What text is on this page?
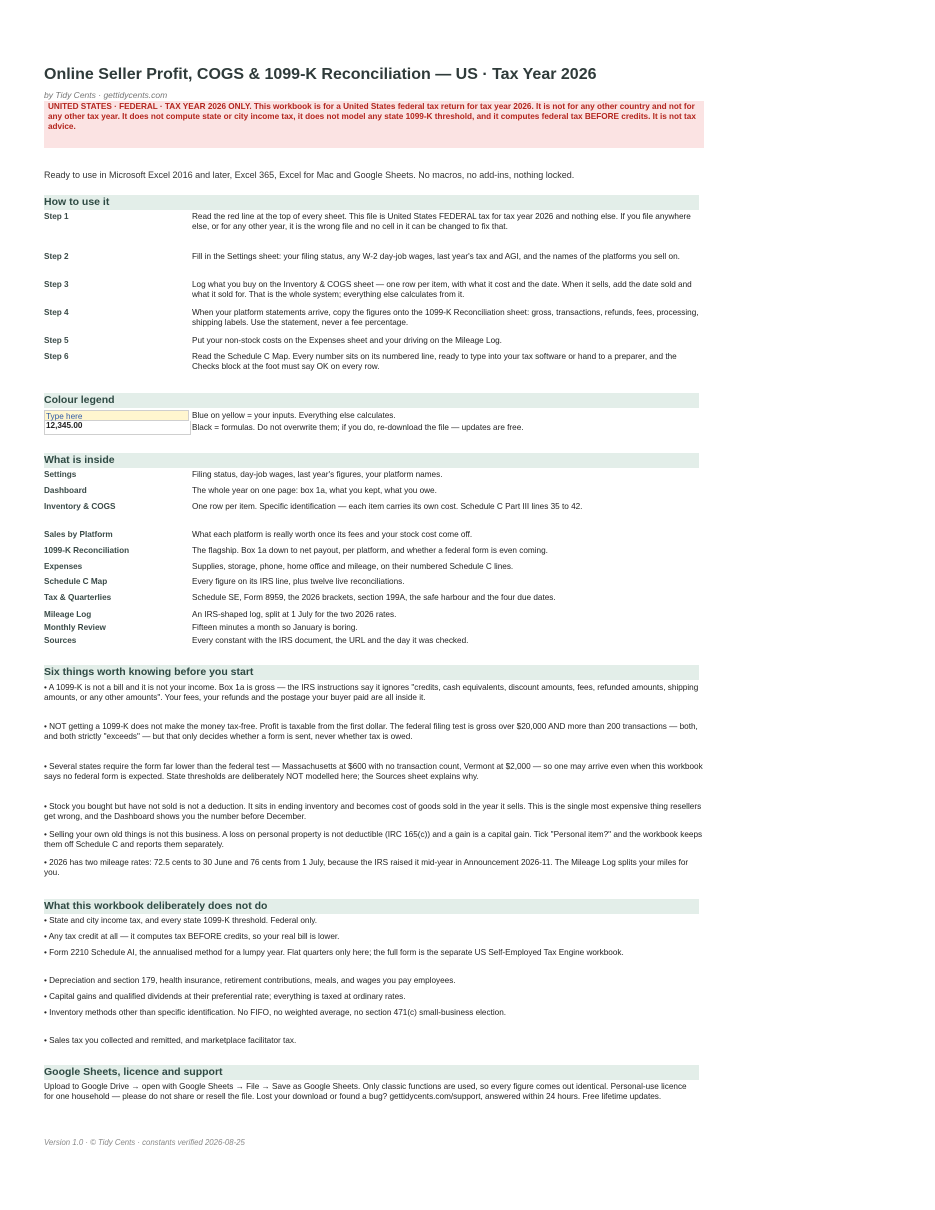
Online Seller Profit, COGS & 1099-K Reconciliation — US · Tax Year 2026
by Tidy Cents · gettidycents.com
UNITED STATES · FEDERAL · TAX YEAR 2026 ONLY. This workbook is for a United States federal tax return for tax year 2026. It is not for any other country and not for any other tax year. It does not compute state or city income tax, it does not model any state 1099-K threshold, and it computes federal tax BEFORE credits. It is not tax advice.
Ready to use in Microsoft Excel 2016 and later, Excel 365, Excel for Mac and Google Sheets. No macros, no add-ins, nothing locked.
How to use it
Step 1	Read the red line at the top of every sheet. This file is United States FEDERAL tax for tax year 2026 and nothing else. If you file anywhere else, or for any other year, it is the wrong file and no cell in it can be changed to fix that.
Step 2	Fill in the Settings sheet: your filing status, any W-2 day-job wages, last year's tax and AGI, and the names of the platforms you sell on.
Step 3	Log what you buy on the Inventory & COGS sheet — one row per item, with what it cost and the date. When it sells, add the date sold and what it sold for. That is the whole system; everything else calculates from it.
Step 4	When your platform statements arrive, copy the figures onto the 1099-K Reconciliation sheet: gross, transactions, refunds, fees, processing, shipping labels. Use the statement, never a fee percentage.
Step 5	Put your non-stock costs on the Expenses sheet and your driving on the Mileage Log.
Step 6	Read the Schedule C Map. Every number sits on its numbered line, ready to type into your tax software or hand to a preparer, and the Checks block at the foot must say OK on every row.
Colour legend
Type here	Blue on yellow = your inputs. Everything else calculates.
12,345.00	Black = formulas. Do not overwrite them; if you do, re-download the file — updates are free.
What is inside
Settings	Filing status, day-job wages, last year's figures, your platform names.
Dashboard	The whole year on one page: box 1a, what you kept, what you owe.
Inventory & COGS	One row per item. Specific identification — each item carries its own cost. Schedule C Part III lines 35 to 42.
Sales by Platform	What each platform is really worth once its fees and your stock cost come off.
1099-K Reconciliation	The flagship. Box 1a down to net payout, per platform, and whether a federal form is even coming.
Expenses	Supplies, storage, phone, home office and mileage, on their numbered Schedule C lines.
Schedule C Map	Every figure on its IRS line, plus twelve live reconciliations.
Tax & Quarterlies	Schedule SE, Form 8959, the 2026 brackets, section 199A, the safe harbour and the four due dates.
Mileage Log	An IRS-shaped log, split at 1 July for the two 2026 rates.
Monthly Review	Fifteen minutes a month so January is boring.
Sources	Every constant with the IRS document, the URL and the day it was checked.
Six things worth knowing before you start
• A 1099-K is not a bill and it is not your income. Box 1a is gross — the IRS instructions say it ignores "credits, cash equivalents, discount amounts, fees, refunded amounts, shipping amounts, or any other amounts". Your fees, your refunds and the postage your buyer paid are all inside it.
• NOT getting a 1099-K does not make the money tax-free. Profit is taxable from the first dollar. The federal filing test is gross over $20,000 AND more than 200 transactions — both, and both strictly "exceeds" — but that only decides whether a form is sent, never whether tax is owed.
• Several states require the form far lower than the federal test — Massachusetts at $600 with no transaction count, Vermont at $2,000 — so one may arrive even when this workbook says no federal form is expected. State thresholds are deliberately NOT modelled here; the Sources sheet explains why.
• Stock you bought but have not sold is not a deduction. It sits in ending inventory and becomes cost of goods sold in the year it sells. This is the single most expensive thing resellers get wrong, and the Dashboard shows you the number before December.
• Selling your own old things is not this business. A loss on personal property is not deductible (IRC 165(c)) and a gain is a capital gain. Tick "Personal item?" and the workbook keeps them off Schedule C and reports them separately.
• 2026 has two mileage rates: 72.5 cents to 30 June and 76 cents from 1 July, because the IRS raised it mid-year in Announcement 2026-11. The Mileage Log splits your miles for you.
What this workbook deliberately does not do
• State and city income tax, and every state 1099-K threshold. Federal only.
• Any tax credit at all — it computes tax BEFORE credits, so your real bill is lower.
• Form 2210 Schedule AI, the annualised method for a lumpy year. Flat quarters only here; the full form is the separate US Self-Employed Tax Engine workbook.
• Depreciation and section 179, health insurance, retirement contributions, meals, and wages you pay employees.
• Capital gains and qualified dividends at their preferential rate; everything is taxed at ordinary rates.
• Inventory methods other than specific identification. No FIFO, no weighted average, no section 471(c) small-business election.
• Sales tax you collected and remitted, and marketplace facilitator tax.
Google Sheets, licence and support
Upload to Google Drive → open with Google Sheets → File → Save as Google Sheets. Only classic functions are used, so every figure comes out identical. Personal-use licence for one household — please do not share or resell the file. Lost your download or found a bug? gettidycents.com/support, answered within 24 hours. Free lifetime updates.
Version 1.0 · © Tidy Cents · constants verified 2026-08-25
